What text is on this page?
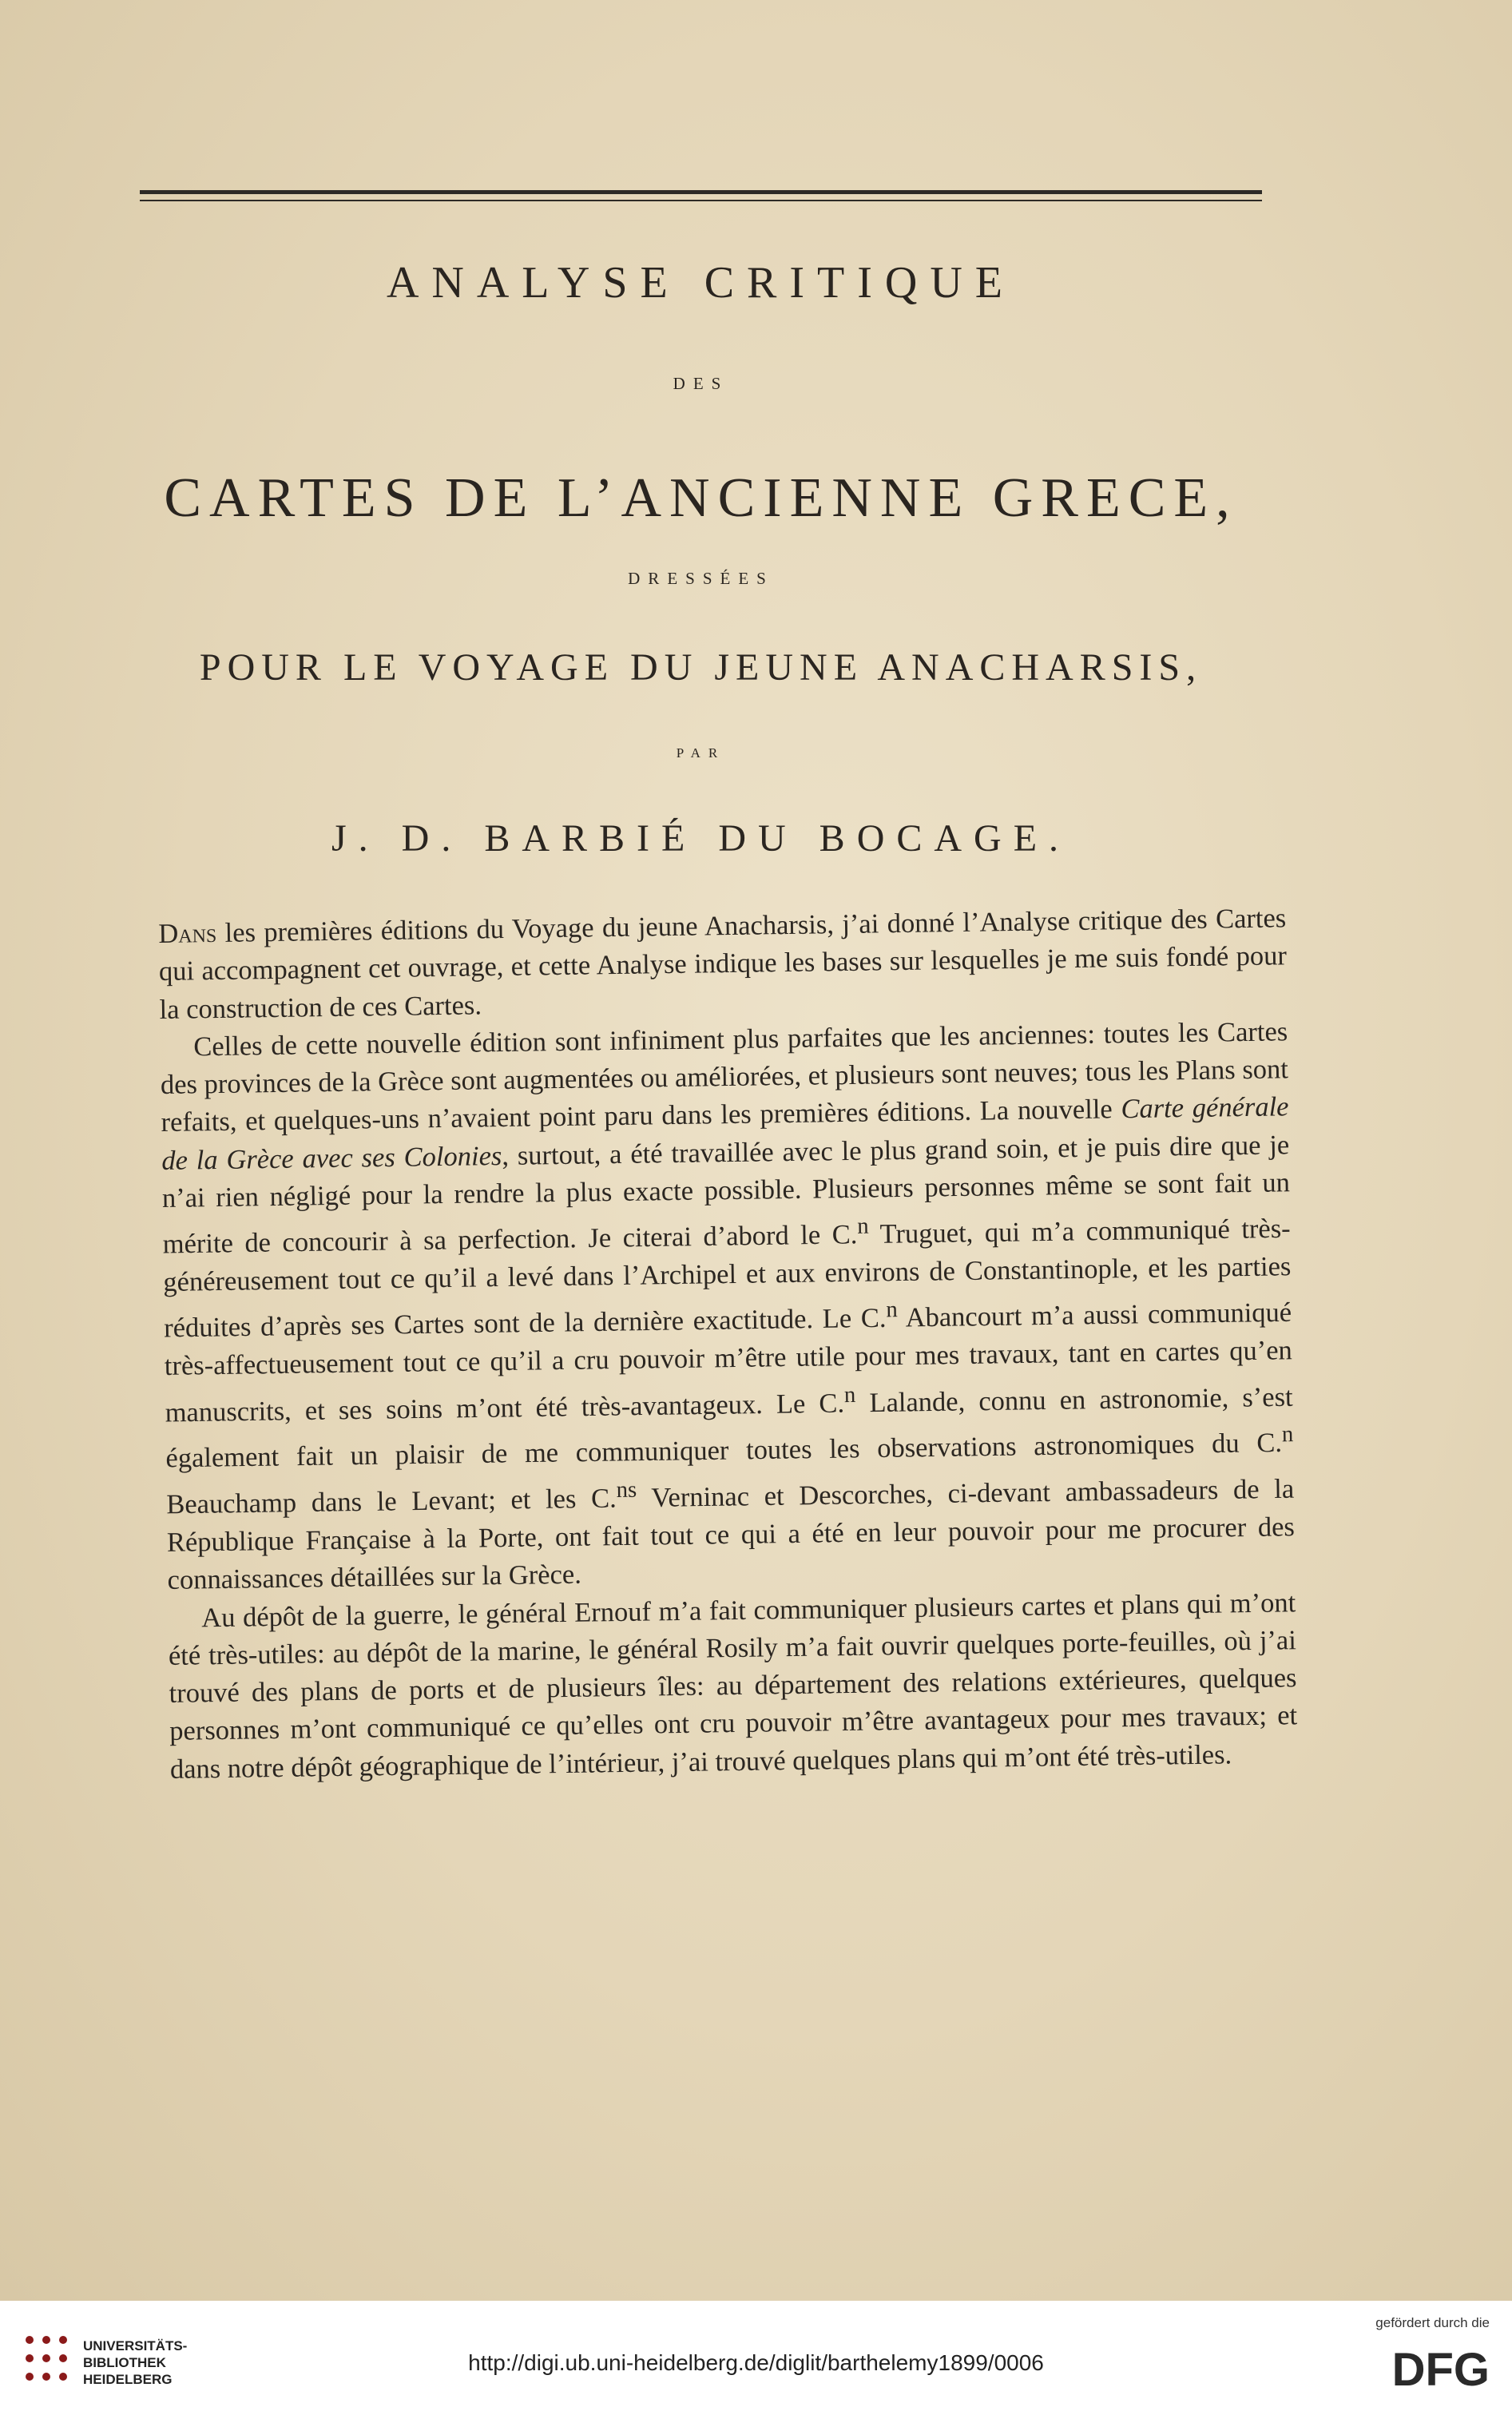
ANALYSE CRITIQUE
DES
CARTES DE L’ANCIENNE GRECE,
DRESSÉES
POUR LE VOYAGE DU JEUNE ANACHARSIS,
PAR
J. D. BARBIÉ DU BOCAGE.

Dans les premières éditions du Voyage du jeune Anacharsis, j’ai donné l’Analyse critique des Cartes qui accompagnent cet ouvrage, et cette Analyse indique les bases sur lesquelles je me suis fondé pour la construction de ces Cartes.

Celles de cette nouvelle édition sont infiniment plus parfaites que les anciennes: toutes les Cartes des provinces de la Grèce sont augmentées ou améliorées, et plusieurs sont neuves; tous les Plans sont refaits, et quelques-uns n’avaient point paru dans les premières éditions. La nouvelle Carte générale de la Grèce avec ses Colonies, surtout, a été travaillée avec le plus grand soin, et je puis dire que je n’ai rien négligé pour la rendre la plus exacte possible. Plusieurs personnes même se sont fait un mérite de concourir à sa perfection. Je citerai d’abord le C.$^n$ Truguet, qui m’a communiqué très-généreusement tout ce qu’il a levé dans l’Archipel et aux environs de Constantinople, et les parties réduites d’après ses Cartes sont de la dernière exactitude. Le C.$^n$ Abancourt m’a aussi communiqué très-affectueusement tout ce qu’il a cru pouvoir m’être utile pour mes travaux, tant en cartes qu’en manuscrits, et ses soins m’ont été très-avantageux. Le C.$^n$ Lalande, connu en astronomie, s’est également fait un plaisir de me communiquer toutes les observations astronomiques du C.$^n$ Beauchamp dans le Levant; et les C.$^{ns}$ Verninac et Descorches, ci-devant ambassadeurs de la République Française à la Porte, ont fait tout ce qui a été en leur pouvoir pour me procurer des connaissances détaillées sur la Grèce.

Au dépôt de la guerre, le général Ernouf m’a fait communiquer plusieurs cartes et plans qui m’ont été très-utiles: au dépôt de la marine, le général Rosily m’a fait ouvrir quelques porte-feuilles, où j’ai trouvé des plans de ports et de plusieurs îles: au département des relations extérieures, quelques personnes m’ont communiqué ce qu’elles ont cru pouvoir m’être avantageux pour mes travaux; et dans notre dépôt géographique de l’intérieur, j’ai trouvé quelques plans qui m’ont été très-utiles.

UNIVERSITÄTS-
BIBLIOTHEK
HEIDELBERG
http://digi.ub.uni-heidelberg.de/diglit/barthelemy1899/0006
gefördert durch die
DFG
